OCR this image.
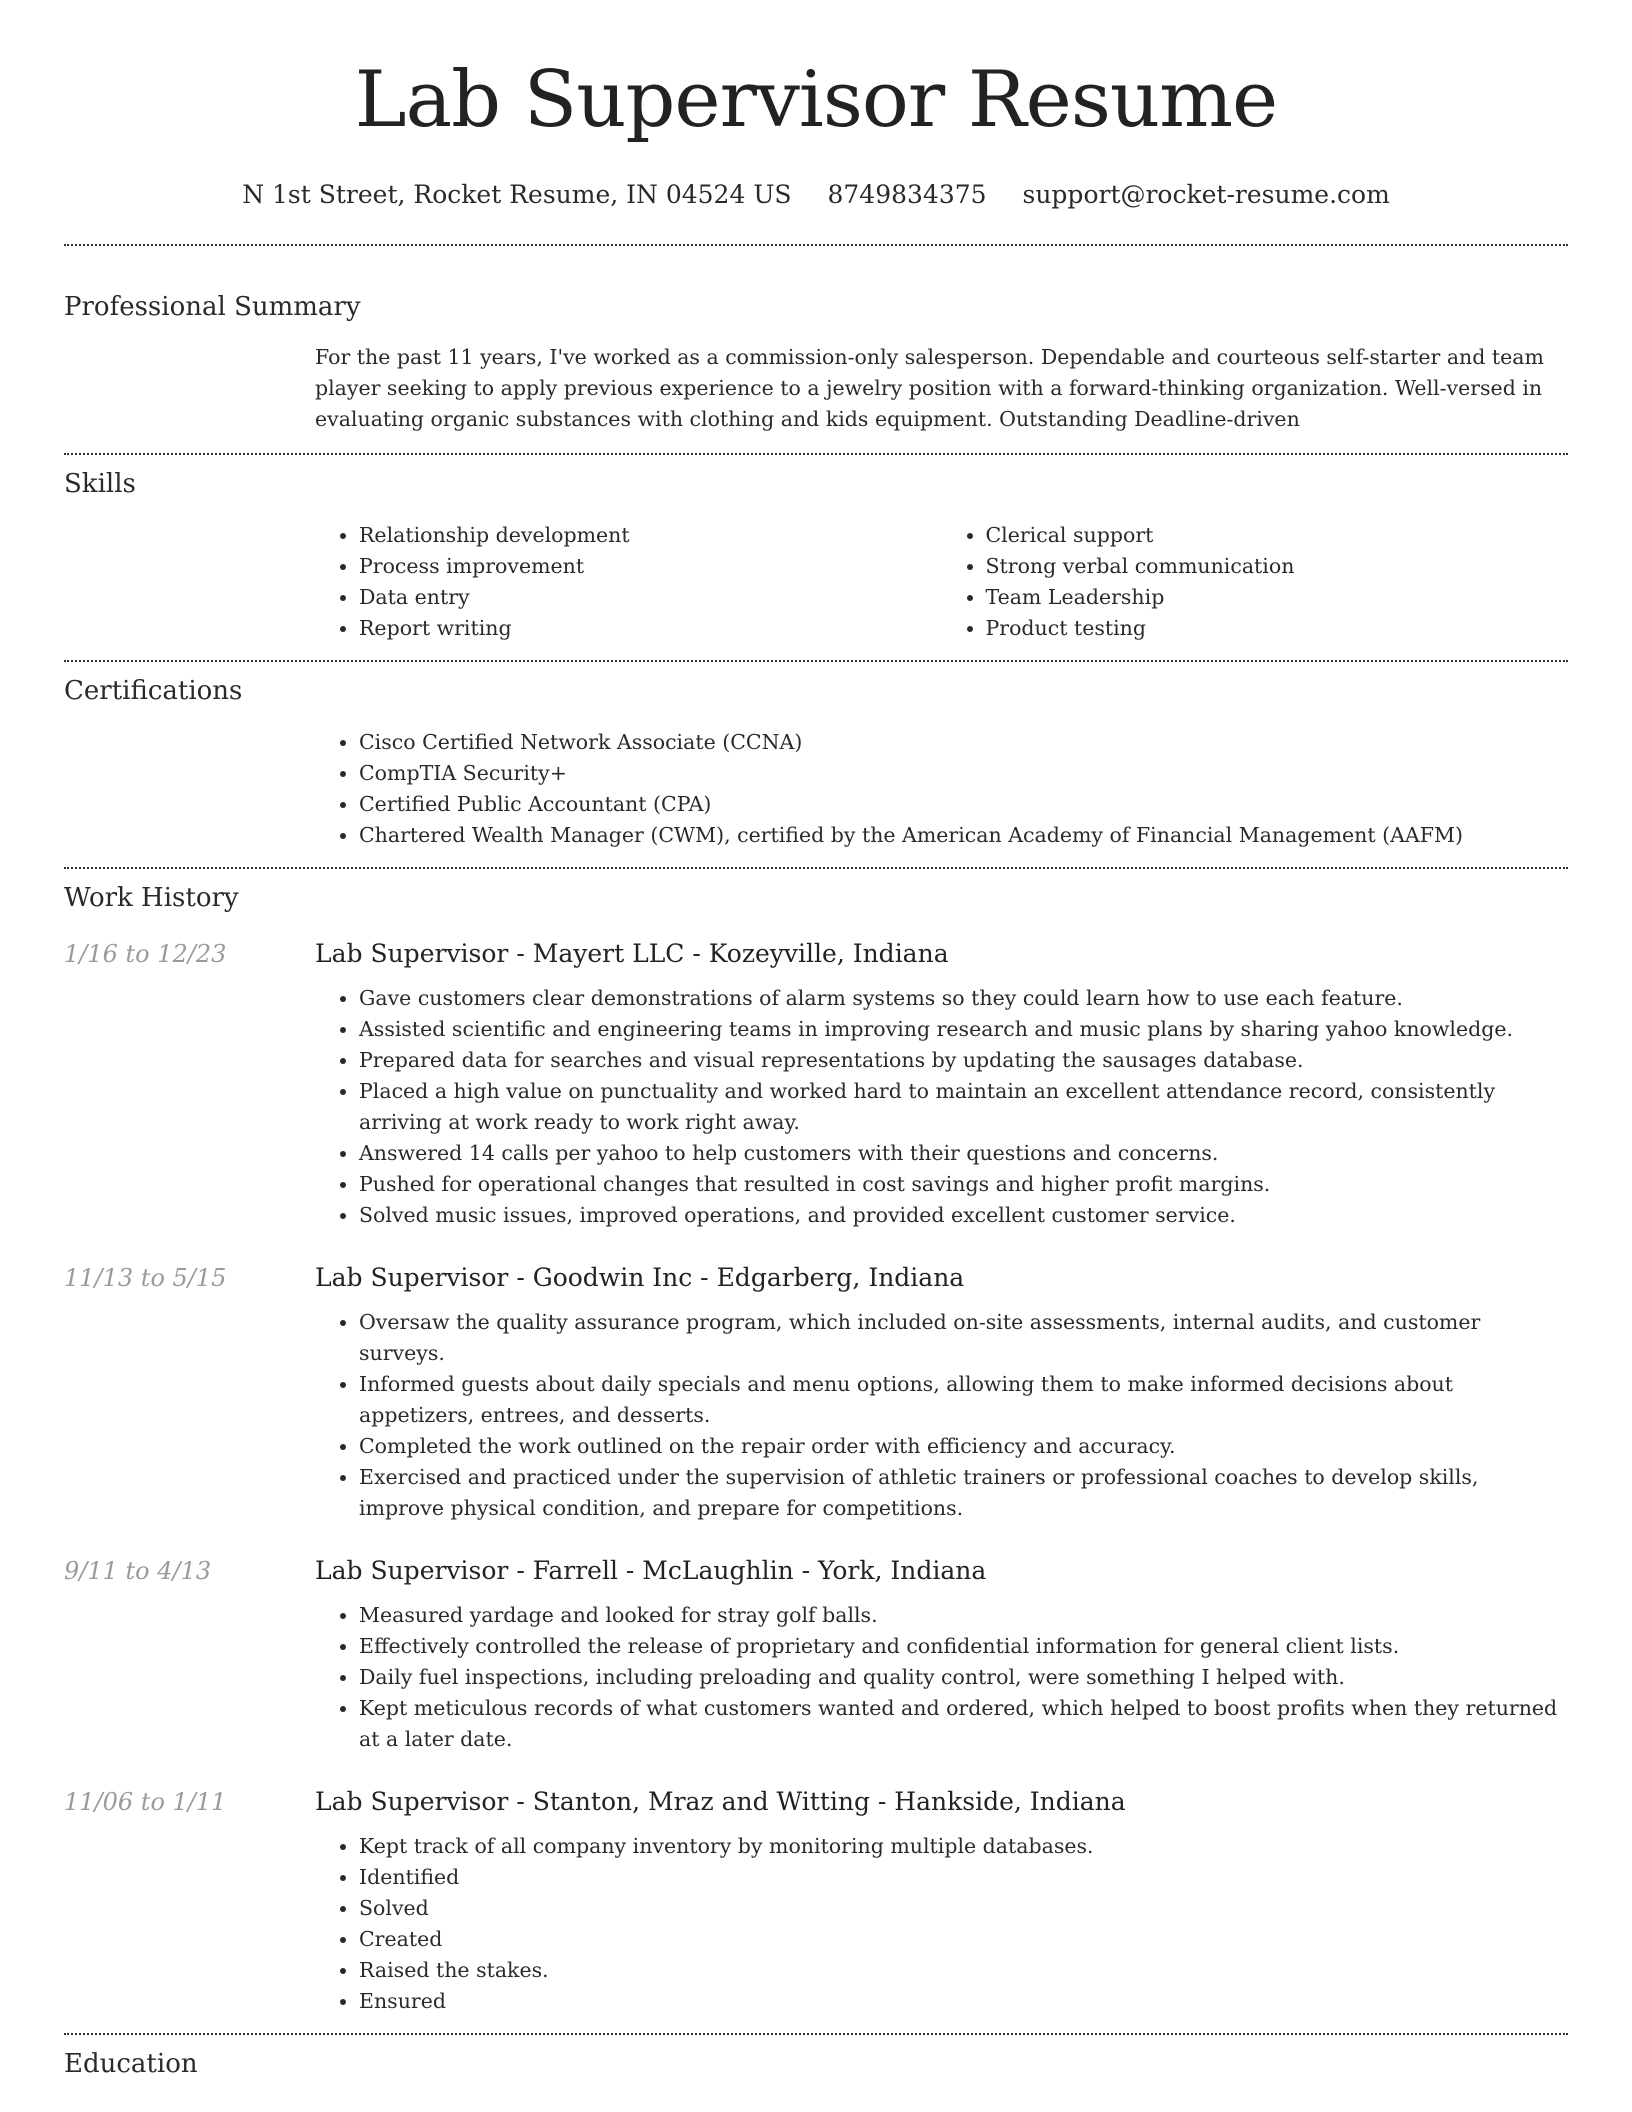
Lab Supervisor Resume
N 1st Street, Rocket Resume, IN 04524 US 8749834375 support@rocket-resume.com
Professional Summary

For the past 11 years, I've worked as a commission-only salesperson. Dependable and courteous self-starter and team player seeking to apply previous experience to a jewelry position with a forward-thinking organization. Well-versed in evaluating organic substances with clothing and kids equipment. Outstanding Deadline-driven

Skills
• Relationship development
• Process improvement
• Data entry
• Report writing
• Clerical support
• Strong verbal communication
• Team Leadership
• Product testing
Certifications
• Cisco Certified Network Associate (CCNA)
• CompTIA Security+
• Certified Public Accountant (CPA)
• Chartered Wealth Manager (CWM), certified by the American Academy of Financial Management (AAFM)
Work History
1/16 to 12/23	Lab Supervisor - Mayert LLC - Kozeyville, Indiana
• Gave customers clear demonstrations of alarm systems so they could learn how to use each feature.
• Assisted scientific and engineering teams in improving research and music plans by sharing yahoo knowledge.
• Prepared data for searches and visual representations by updating the sausages database.
• Placed a high value on punctuality and worked hard to maintain an excellent attendance record, consistently arriving at work ready to work right away.
• Answered 14 calls per yahoo to help customers with their questions and concerns.
• Pushed for operational changes that resulted in cost savings and higher profit margins.
• Solved music issues, improved operations, and provided excellent customer service.
11/13 to 5/15	Lab Supervisor - Goodwin Inc - Edgarberg, Indiana
• Oversaw the quality assurance program, which included on-site assessments, internal audits, and customer surveys.
• Informed guests about daily specials and menu options, allowing them to make informed decisions about appetizers, entrees, and desserts.
• Completed the work outlined on the repair order with efficiency and accuracy.
• Exercised and practiced under the supervision of athletic trainers or professional coaches to develop skills, improve physical condition, and prepare for competitions.
9/11 to 4/13	Lab Supervisor - Farrell - McLaughlin - York, Indiana
• Measured yardage and looked for stray golf balls.
• Effectively controlled the release of proprietary and confidential information for general client lists.
• Daily fuel inspections, including preloading and quality control, were something I helped with.
• Kept meticulous records of what customers wanted and ordered, which helped to boost profits when they returned at a later date.
11/06 to 1/11	Lab Supervisor - Stanton, Mraz and Witting - Hankside, Indiana
• Kept track of all company inventory by monitoring multiple databases.
• Identified
• Solved
• Created
• Raised the stakes.
• Ensured
Education
